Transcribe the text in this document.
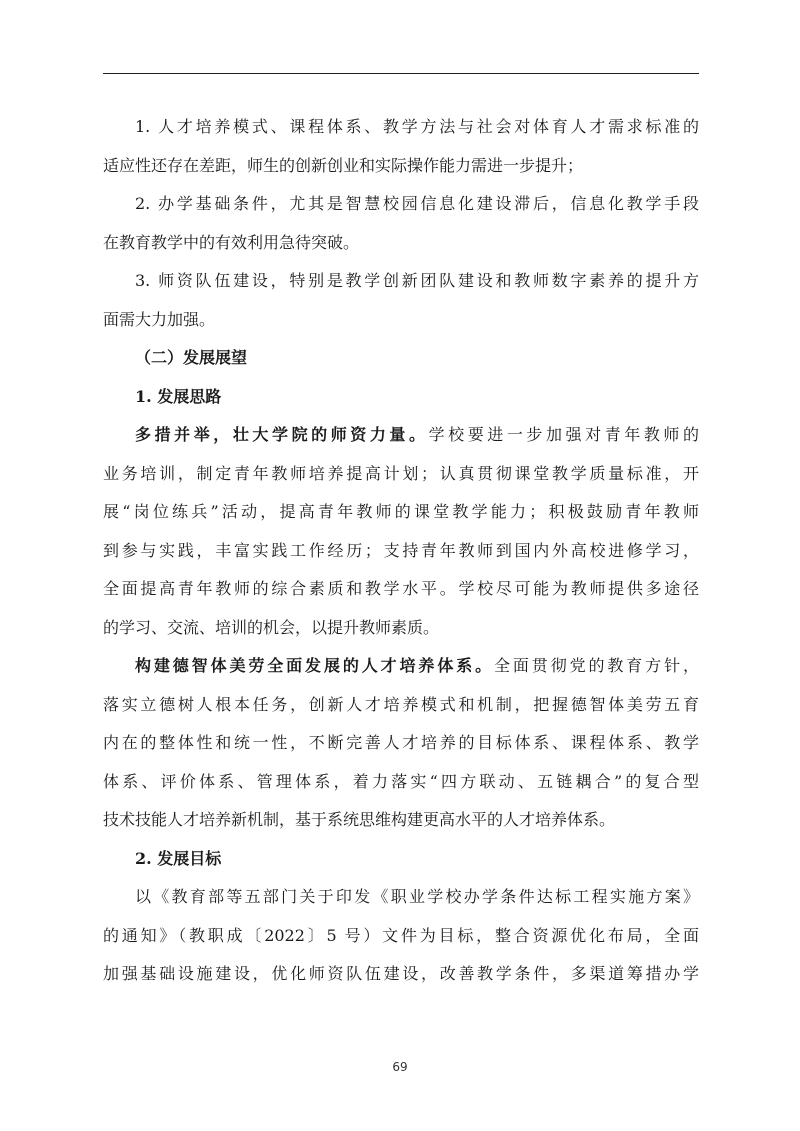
1. 人才培养模式、课程体系、教学方法与社会对体育人才需求标准的
适应性还存在差距，师生的创新创业和实际操作能力需进一步提升；

2. 办学基础条件，尤其是智慧校园信息化建设滞后，信息化教学手段
在教育教学中的有效利用急待突破。

3. 师资队伍建设，特别是教学创新团队建设和教师数字素养的提升方
面需大力加强。

（二）发展展望

1. 发展思路

多措并举，壮大学院的师资力量。学校要进一步加强对青年教师的
业务培训，制定青年教师培养提高计划；认真贯彻课堂教学质量标准，开
展“岗位练兵”活动，提高青年教师的课堂教学能力；积极鼓励青年教师
到参与实践，丰富实践工作经历；支持青年教师到国内外高校进修学习，
全面提高青年教师的综合素质和教学水平。学校尽可能为教师提供多途径
的学习、交流、培训的机会，以提升教师素质。

构建德智体美劳全面发展的人才培养体系。全面贯彻党的教育方针，
落实立德树人根本任务，创新人才培养模式和机制，把握德智体美劳五育
内在的整体性和统一性，不断完善人才培养的目标体系、课程体系、教学
体系、评价体系、管理体系，着力落实“四方联动、五链耦合”的复合型
技术技能人才培养新机制，基于系统思维构建更高水平的人才培养体系。

2. 发展目标

以《教育部等五部门关于印发《职业学校办学条件达标工程实施方案》
的通知》（教职成〔2022〕5 号）文件为目标，整合资源优化布局，全面
加强基础设施建设，优化师资队伍建设，改善教学条件，多渠道筹措办学

69
